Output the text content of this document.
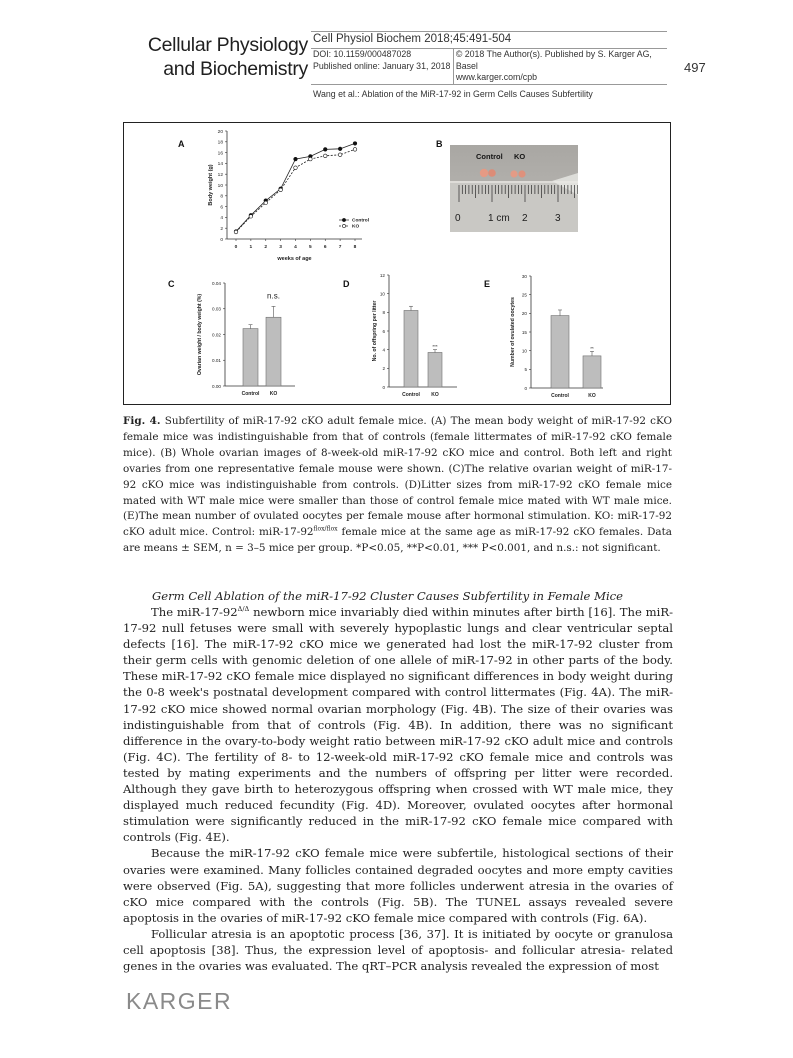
Cellular Physiology
and Biochemistry
Cell Physiol Biochem 2018;45:491-504
DOI: 10.1159/000487028
Published online: January 31, 2018
© 2018 The Author(s). Published by S. Karger AG, Basel
www.karger.com/cpb
Wang et al.: Ablation of the MiR-17-92 in Germ Cells Causes Subfertility
497
A	B
C	D	E
0
2
4
6
8
10
12
14
16
18
20
0	1	2	3	4	5	6	7	8
weeks of age
Body weight (g)
Control
KO
Control KO
0	1 cm 2	3
0.00
0.01
0.02
0.03
0.04
Ovarian weight / body weight (%)
Control KO
n.s.
0
2
4
6
8
10
12
No. of offspring per litter
Control KO
***
0
5
10
15
20
25
30
Number of ovulated oocytes
Control	KO
**
Fig. 4. Subfertility of miR-17-92 cKO adult female mice. (A) The mean body weight of miR-17-92 cKO female mice was indistinguishable from that of controls (female littermates of miR-17-92 cKO female mice). (B) Whole ovarian images of 8-week-old miR-17-92 cKO mice and control. Both left and right ovaries from one representative female mouse were shown. (C)The relative ovarian weight of miR-17-92 cKO mice was indistinguishable from controls. (D)Litter sizes from miR-17-92 cKO female mice mated with WT male mice were smaller than those of control female mice mated with WT male mice. (E)The mean number of ovulated oocytes per female mouse after hormonal stimulation. KO: miR-17-92 cKO adult mice. Control: miR-$17-92^{flox/flox}$ female mice at the same age as miR-17-92 cKO females. Data are means ± SEM, n = 3–5 mice per group. *P<0.05, **P<0.01, *** P<0.001, and n.s.: not significant.
Germ Cell Ablation of the miR-17-92 Cluster Causes Subfertility in Female Mice

The miR-$17-92^{\Delta/\Delta}$ newborn mice invariably died within minutes after birth [16]. The miR-17-92 null fetuses were small with severely hypoplastic lungs and clear ventricular septal defects [16]. The miR-17-92 cKO mice we generated had lost the miR-17-92 cluster from their germ cells with genomic deletion of one allele of miR-17-92 in other parts of the body. These miR-17-92 cKO female mice displayed no significant differences in body weight during the 0-8 week's postnatal development compared with control littermates (Fig. 4A). The miR-17-92 cKO mice showed normal ovarian morphology (Fig. 4B). The size of their ovaries was indistinguishable from that of controls (Fig. 4B). In addition, there was no significant difference in the ovary-to-body weight ratio between miR-17-92 cKO adult mice and controls (Fig. 4C). The fertility of 8- to 12-week-old miR-17-92 cKO female mice and controls was tested by mating experiments and the numbers of offspring per litter were recorded. Although they gave birth to heterozygous offspring when crossed with WT male mice, they displayed much reduced fecundity (Fig. 4D). Moreover, ovulated oocytes after hormonal stimulation were significantly reduced in the miR-17-92 cKO female mice compared with controls (Fig. 4E).

Because the miR-17-92 cKO female mice were subfertile, histological sections of their ovaries were examined. Many follicles contained degraded oocytes and more empty cavities were observed (Fig. 5A), suggesting that more follicles underwent atresia in the ovaries of cKO mice compared with the controls (Fig. 5B). The TUNEL assays revealed severe apoptosis in the ovaries of miR-17-92 cKO female mice compared with controls (Fig. 6A).

Follicular atresia is an apoptotic process [36, 37]. It is initiated by oocyte or granulosa cell apoptosis [38]. Thus, the expression level of apoptosis- and follicular atresia- related genes in the ovaries was evaluated. The qRT–PCR analysis revealed the expression of most

KARGER
